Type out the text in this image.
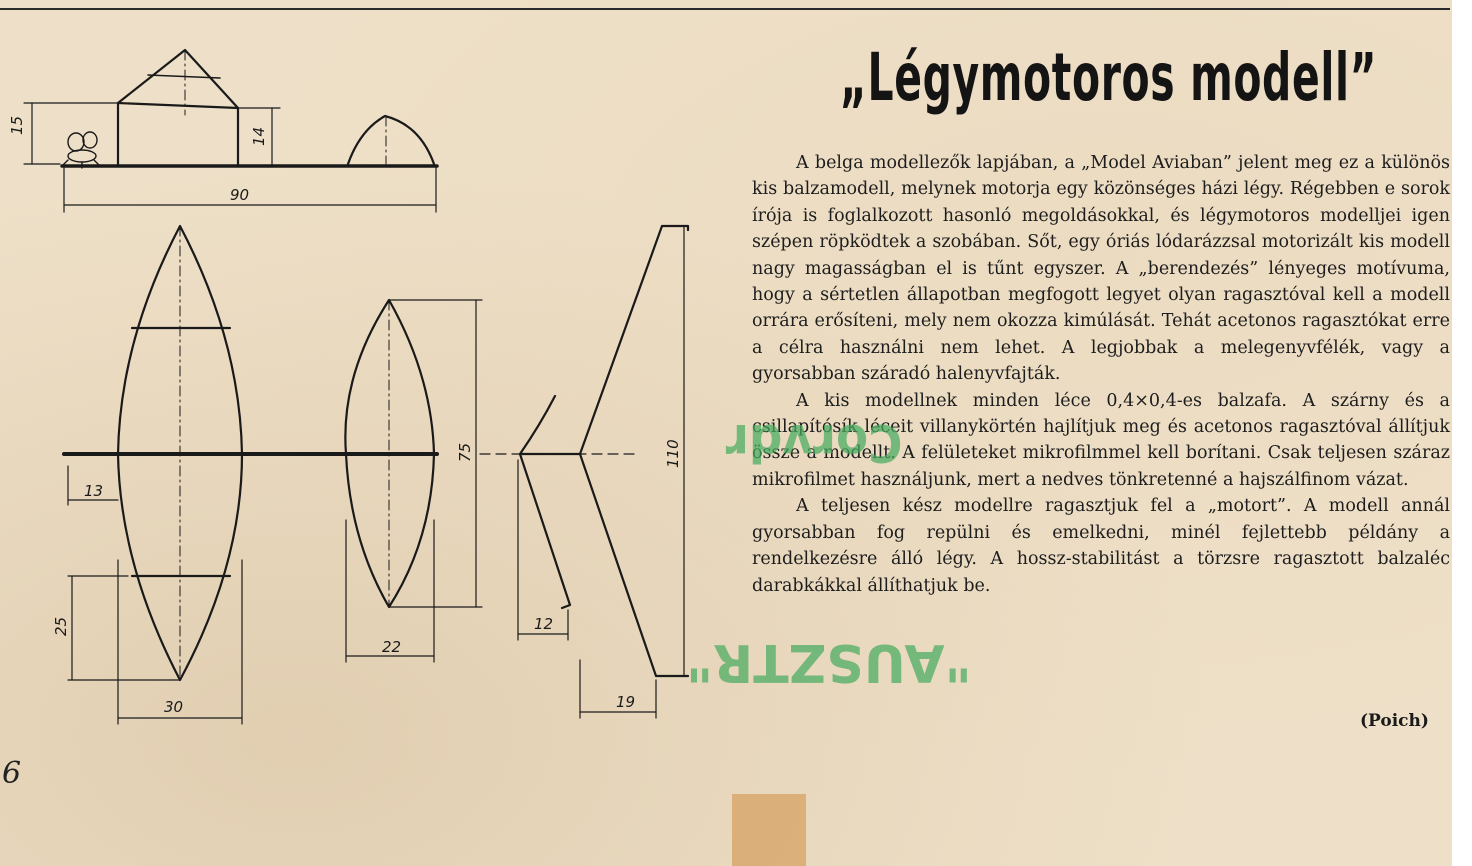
15
14
90
13
25
30
75
22
12
110
19
„Légymotoros modell”

A belga modellezők lapjában, a „Model Aviaban” jelent meg ez a különös kis balzamodell, melynek motorja egy közönséges házi légy. Régebben e sorok írója is foglalkozott hasonló megoldásokkal, és légymotoros modelljei igen szépen röpködtek a szobában. Sőt, egy óriás lódarázzsal motorizált kis modell nagy magasságban el is tűnt egyszer. A „berendezés” lényeges motívuma, hogy a sértetlen állapotban megfogott legyet olyan ragasztóval kell a modell orrára erősíteni, mely nem okozza kimúlását. Tehát acetonos ragasztókat erre a célra használni nem lehet. A legjobbak a melegenyvfélék, vagy a gyorsabban száradó halenyvfajták.

A kis modellnek minden léce 0,4×0,4-es balzafa. A szárny és a csillapítósík léceit villanykörtén hajlítjuk meg és acetonos ragasztóval állítjuk össze a modellt. A felületeket mikrofilmmel kell borítani. Csak teljesen száraz mikrofilmet használjunk, mert a nedves tönkretenné a hajszálfinom vázat.

A teljesen kész modellre ragasztjuk fel a „motort”. A modell annál gyorsabban fog repülni és emelkedni, minél fejlettebb példány a rendelkezésre álló légy. A hossz-stabilitást a törzsre ragasztott balzaléc darabkákkal állíthatjuk be.

(Poich)
Corvdr
"AUSZTR"
6
